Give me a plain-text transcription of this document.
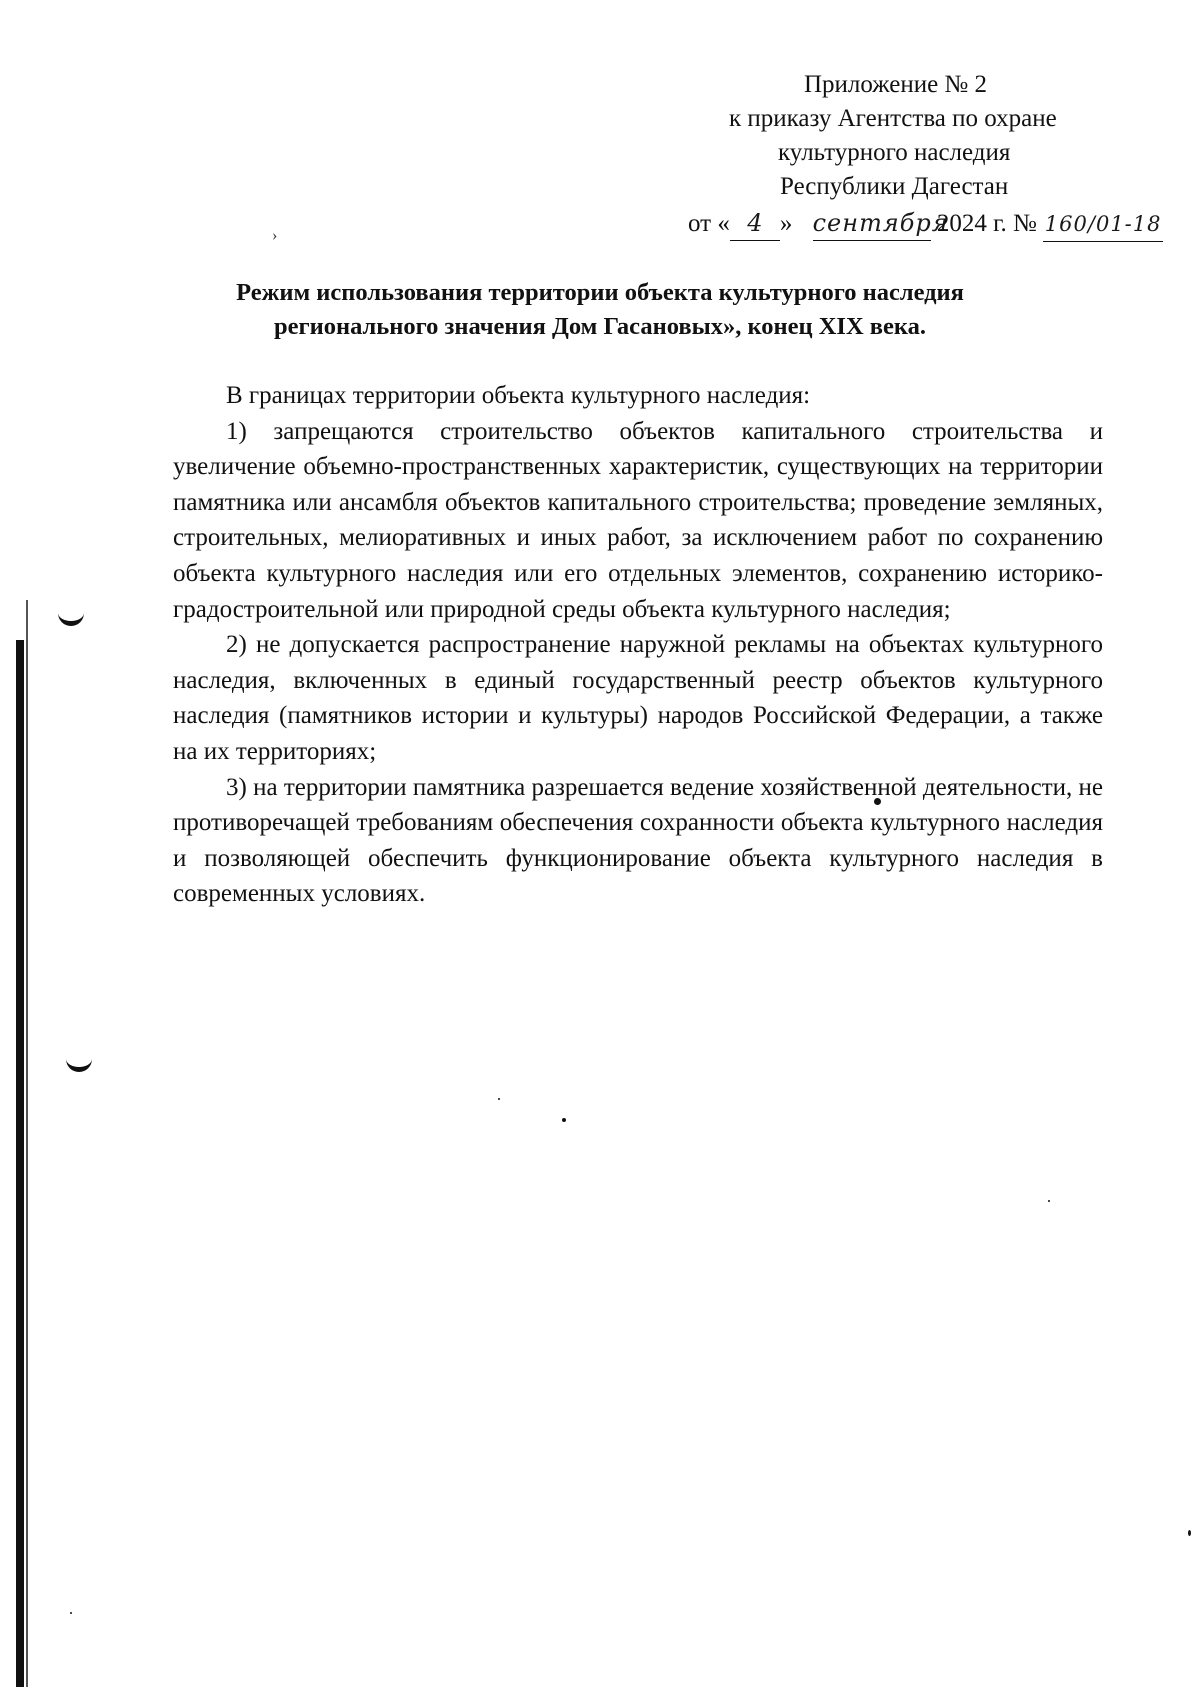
›
Приложение № 2
к приказу Агентства по охране
культурного наследия
Республики Дагестан
от « 4 » сентября 2024 г. № 160/01-18
Режим использования территории объекта культурного наследия
регионального значения Дом Гасановых», конец XIX века.

В границах территории объекта культурного наследия:

1) запрещаются строительство объектов капитального строительства и увеличение объемно-пространственных характеристик, существующих на территории памятника или ансамбля объектов капитального строительства; проведение земляных, строительных, мелиоративных и иных работ, за исключением работ по сохранению объекта культурного наследия или его отдельных элементов, сохранению историко-градостроительной или природной среды объекта культурного наследия;

2) не допускается распространение наружной рекламы на объектах культурного наследия, включенных в единый государственный реестр объектов культурного наследия (памятников истории и культуры) народов Российской Федерации, а также на их территориях;

3) на территории памятника разрешается ведение хозяйственной деятельности, не противоречащей требованиям обеспечения сохранности объекта культурного наследия и позволяющей обеспечить функционирование объекта культурного наследия в современных условиях.
